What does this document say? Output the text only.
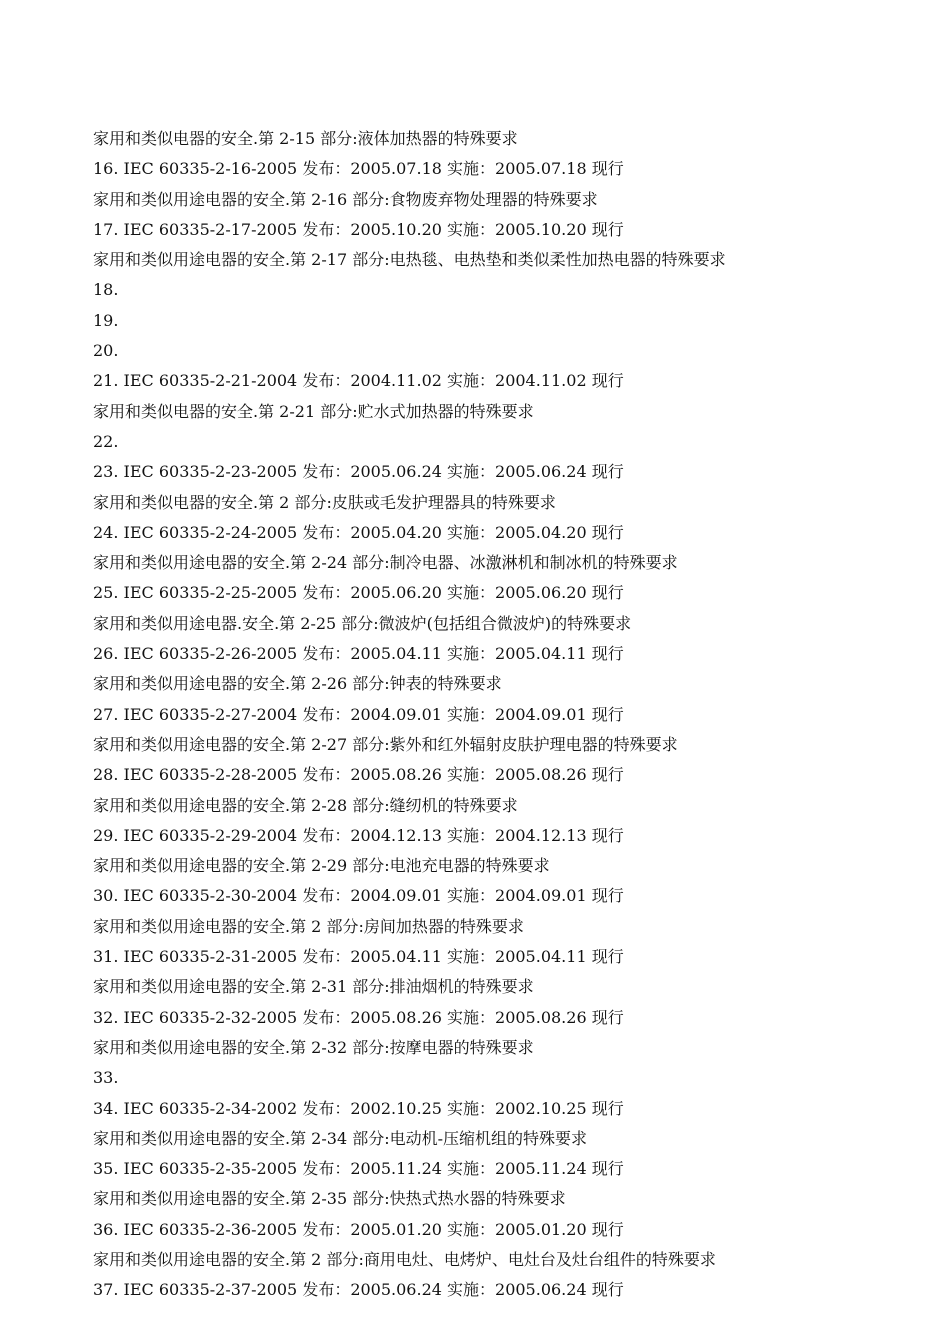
家用和类似电器的安全.第 2-15 部分:液体加热器的特殊要求
16. IEC 60335-2-16-2005 发布：2005.07.18 实施：2005.07.18 现行
家用和类似用途电器的安全.第 2-16 部分:食物废弃物处理器的特殊要求
17. IEC 60335-2-17-2005 发布：2005.10.20 实施：2005.10.20 现行
家用和类似用途电器的安全.第 2-17 部分:电热毯、电热垫和类似柔性加热电器的特殊要求
18.
19.
20.
21. IEC 60335-2-21-2004 发布：2004.11.02 实施：2004.11.02 现行
家用和类似电器的安全.第 2-21 部分:贮水式加热器的特殊要求
22.
23. IEC 60335-2-23-2005 发布：2005.06.24 实施：2005.06.24 现行
家用和类似电器的安全.第 2 部分:皮肤或毛发护理器具的特殊要求
24. IEC 60335-2-24-2005 发布：2005.04.20 实施：2005.04.20 现行
家用和类似用途电器的安全.第 2-24 部分:制冷电器、冰激淋机和制冰机的特殊要求
25. IEC 60335-2-25-2005 发布：2005.06.20 实施：2005.06.20 现行
家用和类似用途电器.安全.第 2-25 部分:微波炉(包括组合微波炉)的特殊要求
26. IEC 60335-2-26-2005 发布：2005.04.11 实施：2005.04.11 现行
家用和类似用途电器的安全.第 2-26 部分:钟表的特殊要求
27. IEC 60335-2-27-2004 发布：2004.09.01 实施：2004.09.01 现行
家用和类似用途电器的安全.第 2-27 部分:紫外和红外辐射皮肤护理电器的特殊要求
28. IEC 60335-2-28-2005 发布：2005.08.26 实施：2005.08.26 现行
家用和类似用途电器的安全.第 2-28 部分:缝纫机的特殊要求
29. IEC 60335-2-29-2004 发布：2004.12.13 实施：2004.12.13 现行
家用和类似用途电器的安全.第 2-29 部分:电池充电器的特殊要求
30. IEC 60335-2-30-2004 发布：2004.09.01 实施：2004.09.01 现行
家用和类似用途电器的安全.第 2 部分:房间加热器的特殊要求
31. IEC 60335-2-31-2005 发布：2005.04.11 实施：2005.04.11 现行
家用和类似用途电器的安全.第 2-31 部分:排油烟机的特殊要求
32. IEC 60335-2-32-2005 发布：2005.08.26 实施：2005.08.26 现行
家用和类似用途电器的安全.第 2-32 部分:按摩电器的特殊要求
33.
34. IEC 60335-2-34-2002 发布：2002.10.25 实施：2002.10.25 现行
家用和类似用途电器的安全.第 2-34 部分:电动机-压缩机组的特殊要求
35. IEC 60335-2-35-2005 发布：2005.11.24 实施：2005.11.24 现行
家用和类似用途电器的安全.第 2-35 部分:快热式热水器的特殊要求
36. IEC 60335-2-36-2005 发布：2005.01.20 实施：2005.01.20 现行
家用和类似用途电器的安全.第 2 部分:商用电灶、电烤炉、电灶台及灶台组件的特殊要求
37. IEC 60335-2-37-2005 发布：2005.06.24 实施：2005.06.24 现行
